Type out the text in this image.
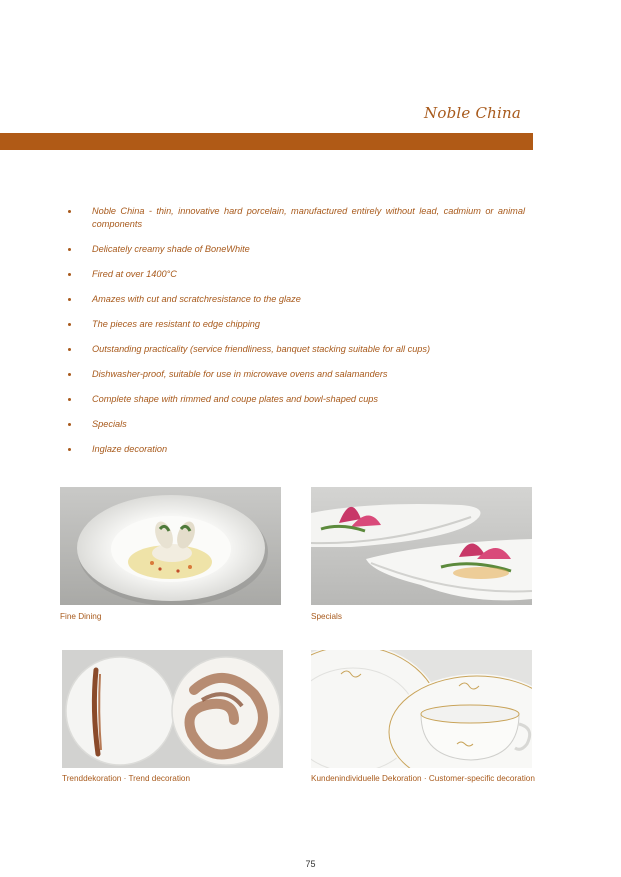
Noble China
Noble China - thin, innovative hard porcelain, manufactured entirely without lead, cadmium or animal components
Delicately creamy shade of BoneWhite
Fired at over 1400°C
Amazes with cut and scratchresistance to the glaze
The pieces are resistant to edge chipping
Outstanding practicality (service friendliness, banquet stacking suitable for all cups)
Dishwasher-proof, suitable for use in microwave ovens and salamanders
Complete shape with rimmed and coupe plates and bowl-shaped cups
Specials
Inglaze decoration
Fine Dining	Specials
Trenddekoration · Trend decoration	Kundenindividuelle Dekoration · Customer-specific decoration
75
